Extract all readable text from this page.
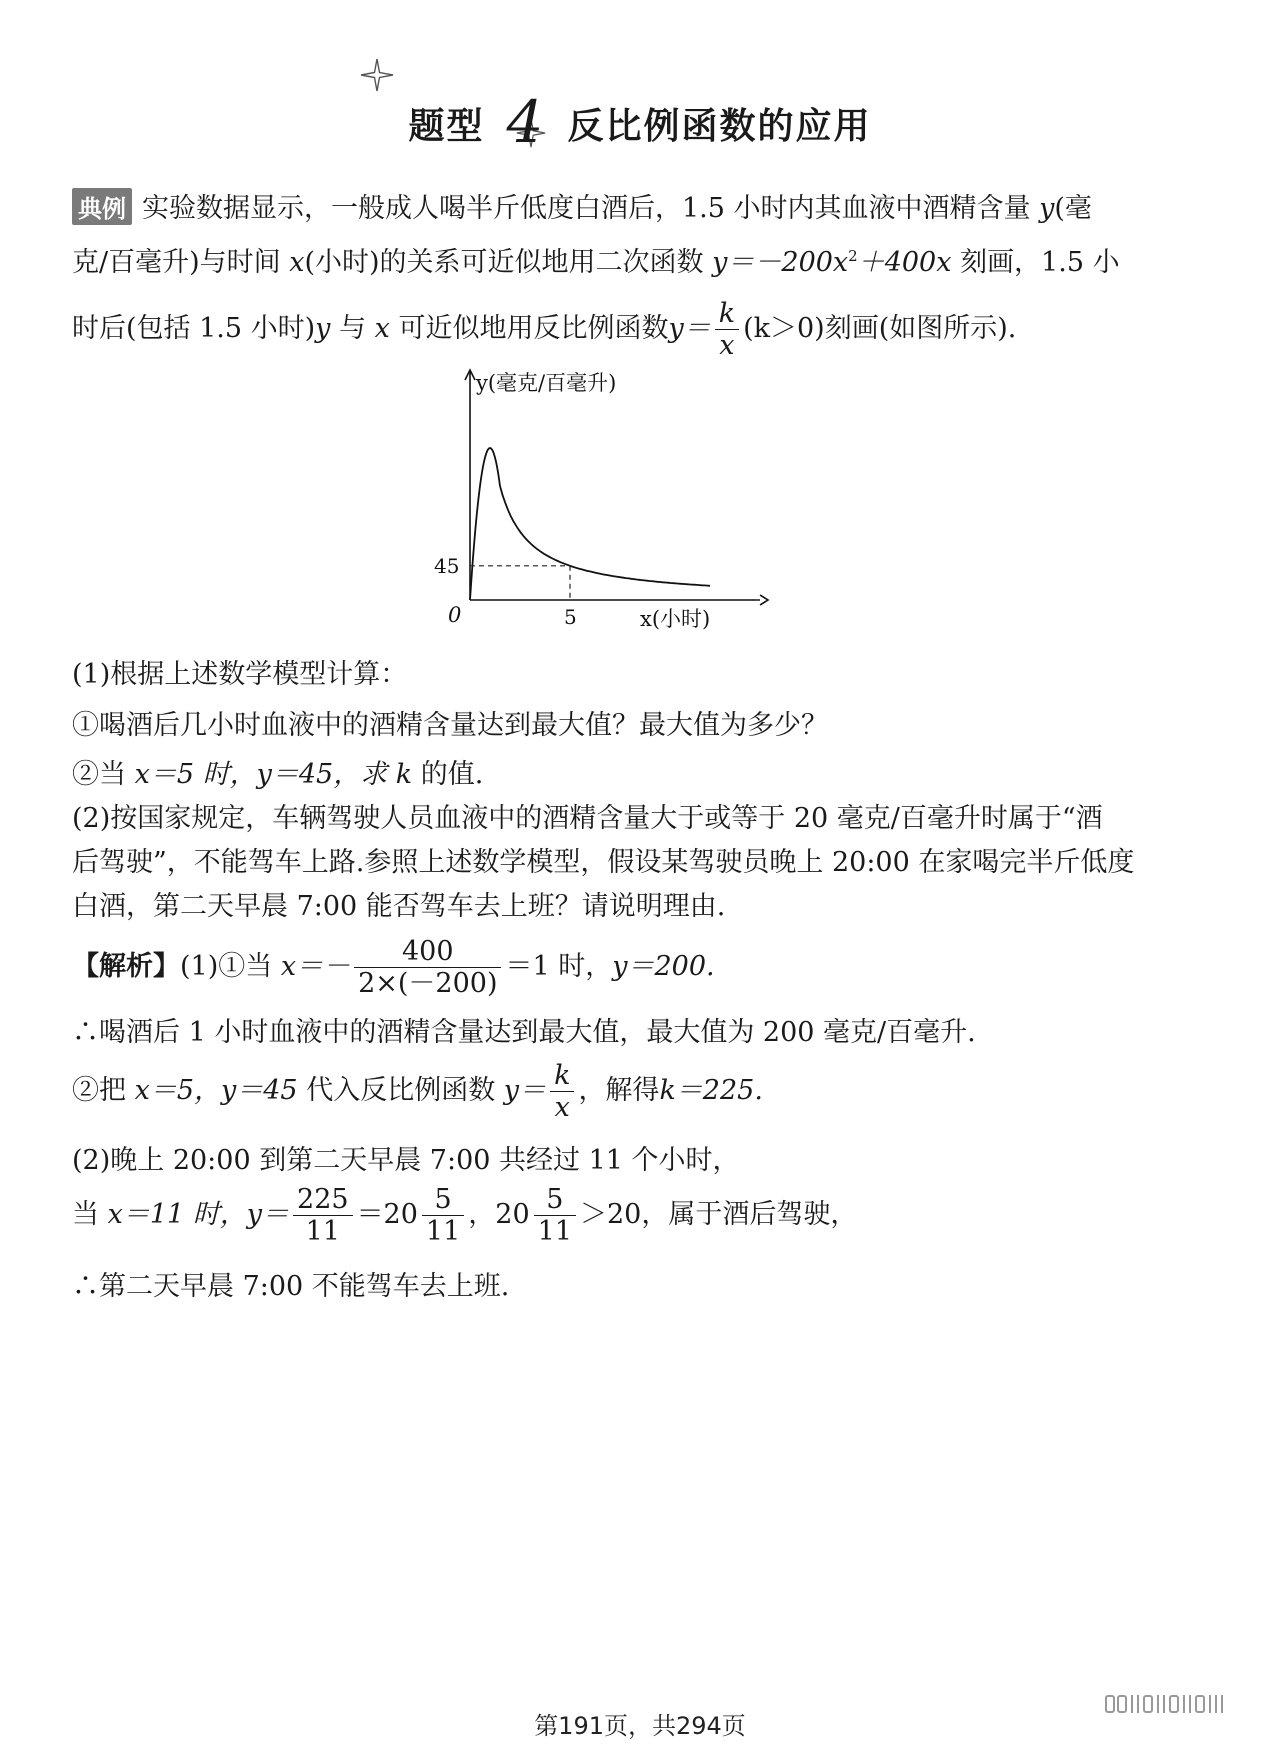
题型 4 反比例函数的应用
典例 实验数据显示，一般成人喝半斤低度白酒后，1.5 小时内其血液中酒精含量 y(毫
克/百毫升)与时间 x(小时)的关系可近似地用二次函数 $y=-200x^2+400x$ 刻画，1.5 小
时后(包括 1.5 小时)y 与 x 可近似地用反比例函数$y= \frac{k}{x} (k>0)$刻画(如图所示).
y(毫克/百毫升)
x(小时)
0
45
5
(1)根据上述数学模型计算：
①喝酒后几小时血液中的酒精含量达到最大值？最大值为多少？
②当 x＝5 时，y＝45，求 k 的值.
(2)按国家规定，车辆驾驶人员血液中的酒精含量大于或等于 20 毫克/百毫升时属于“酒
后驾驶”，不能驾车上路.参照上述数学模型，假设某驾驶员晚上 20:00 在家喝完半斤低度
白酒，第二天早晨 7:00 能否驾车去上班？请说明理由.
【解析】(1)①当 $x=- \frac{400}{2\times(-200)} =1$ 时，y＝200.
∴喝酒后 1 小时血液中的酒精含量达到最大值，最大值为 200 毫克/百毫升.
②把 x＝5，y＝45 代入反比例函数 $y= \frac{k}{x}$ ，解得k＝225.
(2)晚上 20:00 到第二天早晨 7:00 共经过 11 个小时，
当 x＝11 时，$y= \frac{225}{11} =20 \frac{5}{11}$ ，$20 \frac{5}{11} >20$，属于酒后驾驶，
∴第二天早晨 7:00 不能驾车去上班.
第191页，共294页
